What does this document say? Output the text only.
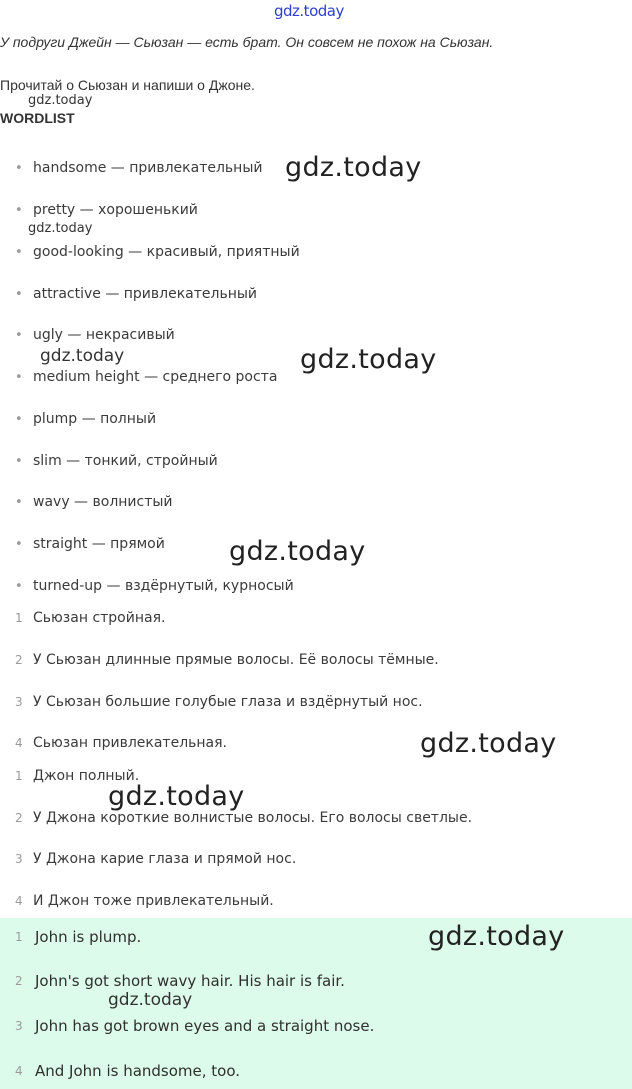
gdz.today
У подруги Джейн — Сьюзан — есть брат. Он совсем не похож на Сьюзан.
Прочитай о Сьюзан и напиши о Джоне.
gdz.today
WORDLIST
• handsome — привлекательный
• pretty — хорошенький
• good-looking — красивый, приятный
• attractive — привлекательный
• ugly — некрасивый
• medium height — среднего роста
• plump — полный
• slim — тонкий, стройный
• wavy — волнистый
• straight — прямой
• turned-up — вздёрнутый, курносый
1 Сьюзан стройная.
2 У Сьюзан длинные прямые волосы. Её волосы тёмные.
3 У Сьюзан большие голубые глаза и вздёрнутый нос.
4 Сьюзан привлекательная.
1 Джон полный.
2 У Джона короткие волнистые волосы. Его волосы светлые.
3 У Джона карие глаза и прямой нос.
4 И Джон тоже привлекательный.
1 John is plump.
2 John's got short wavy hair. His hair is fair.
3 John has got brown eyes and a straight nose.
4 And John is handsome, too.
gdz.today
gdz.today
gdz.today
gdz.today
gdz.today
gdz.today
gdz.today
gdz.today
gdz.today
